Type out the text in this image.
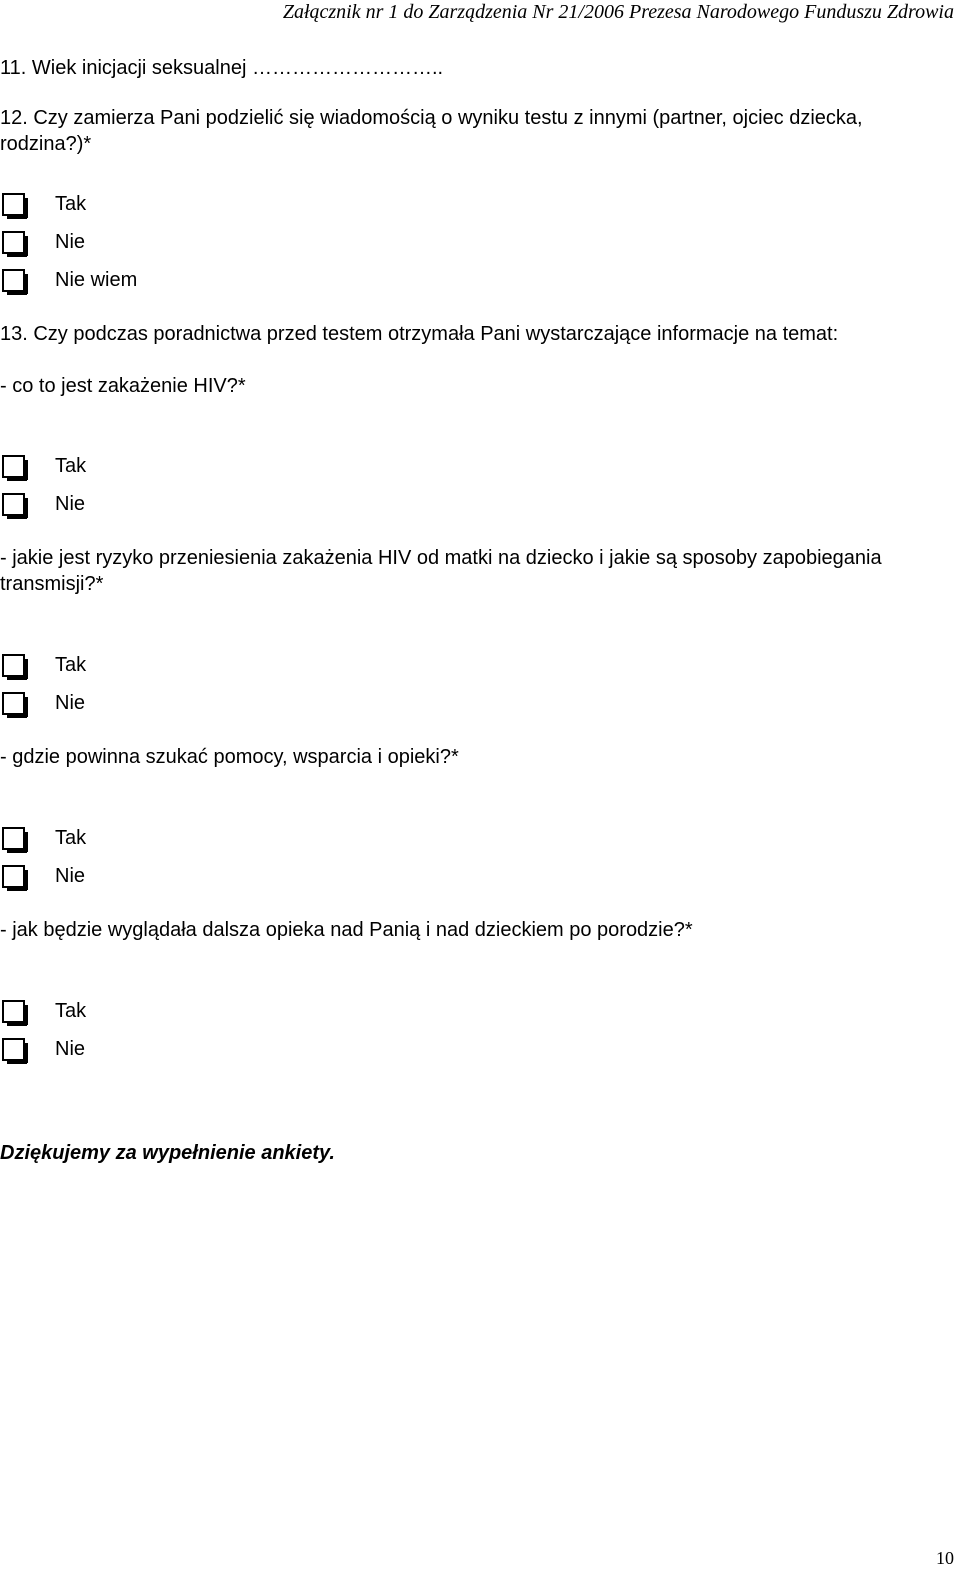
Załącznik nr 1 do Zarządzenia Nr 21/2006 Prezesa Narodowego Funduszu Zdrowia
11. Wiek inicjacji seksualnej ………………………..
12. Czy zamierza Pani podzielić się wiadomością o wyniku testu z innymi (partner, ojciec dziecka, rodzina?)*
Tak
Nie
Nie wiem
13. Czy podczas poradnictwa przed testem otrzymała Pani wystarczające informacje na temat:
- co to jest zakażenie HIV?*
Tak
Nie
- jakie jest ryzyko przeniesienia zakażenia HIV od matki na dziecko i jakie są sposoby zapobiegania transmisji?*
Tak
Nie
- gdzie powinna szukać pomocy, wsparcia i opieki?*
Tak
Nie
- jak będzie wyglądała dalsza opieka nad Panią i nad dzieckiem po porodzie?*
Tak
Nie
Dziękujemy za wypełnienie ankiety.
10
